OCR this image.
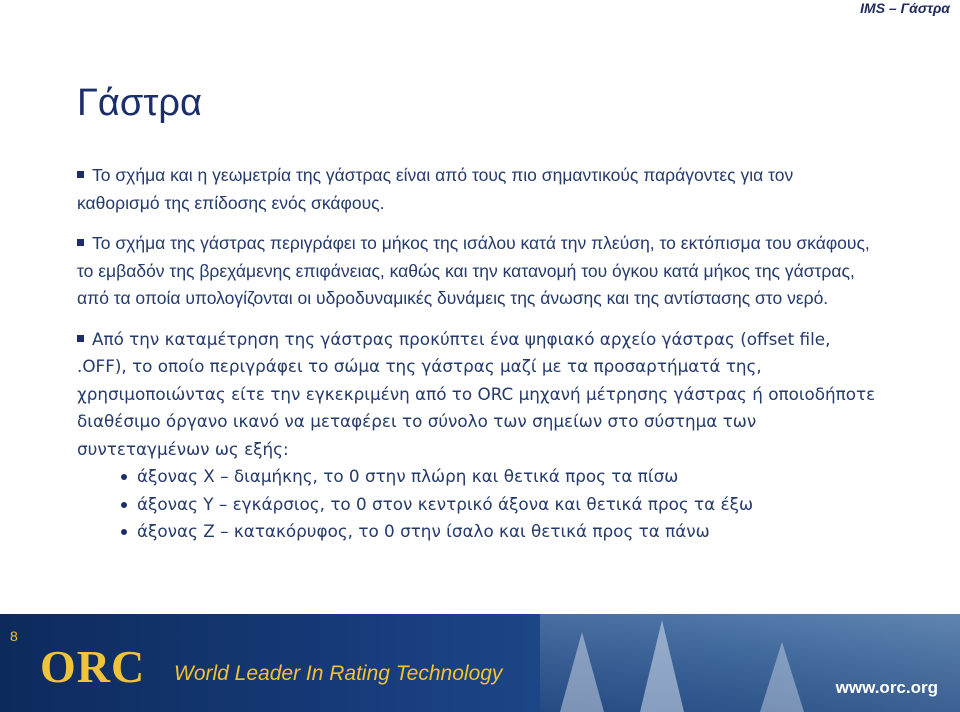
IMS – Γάστρα
Γάστρα

Το σχήμα και η γεωμετρία της γάστρας είναι από τους πιο σημαντικούς παράγοντες για τον καθορισμό της επίδοσης ενός σκάφους.

Το σχήμα της γάστρας περιγράφει το μήκος της ισάλου κατά την πλεύση, το εκτόπισμα του σκάφους, το εμβαδόν της βρεχάμενης επιφάνειας, καθώς και την κατανομή του όγκου κατά μήκος της γάστρας, από τα οποία υπολογίζονται οι υδροδυναμικές δυνάμεις της άνωσης και της αντίστασης στο νερό.

Από την καταμέτρηση της γάστρας προκύπτει ένα ψηφιακό αρχείο γάστρας (offset file, .OFF), το οποίο περιγράφει το σώμα της γάστρας μαζί με τα προσαρτήματά της, χρησιμοποιώντας είτε την εγκεκριμένη από το ORC μηχανή μέτρησης γάστρας ή οποιοδήποτε διαθέσιμο όργανο ικανό να μεταφέρει το σύνολο των σημείων στο σύστημα των συντεταγμένων ως εξής:

άξονας X – διαμήκης, το 0 στην πλώρη και θετικά προς τα πίσω
άξονας Y – εγκάρσιος, το 0 στον κεντρικό άξονα και θετικά προς τα έξω
άξονας Z – κατακόρυφος, το 0 στην ίσαλο και θετικά προς τα πάνω
8
ORC World Leader In Rating Technology
www.orc.org
